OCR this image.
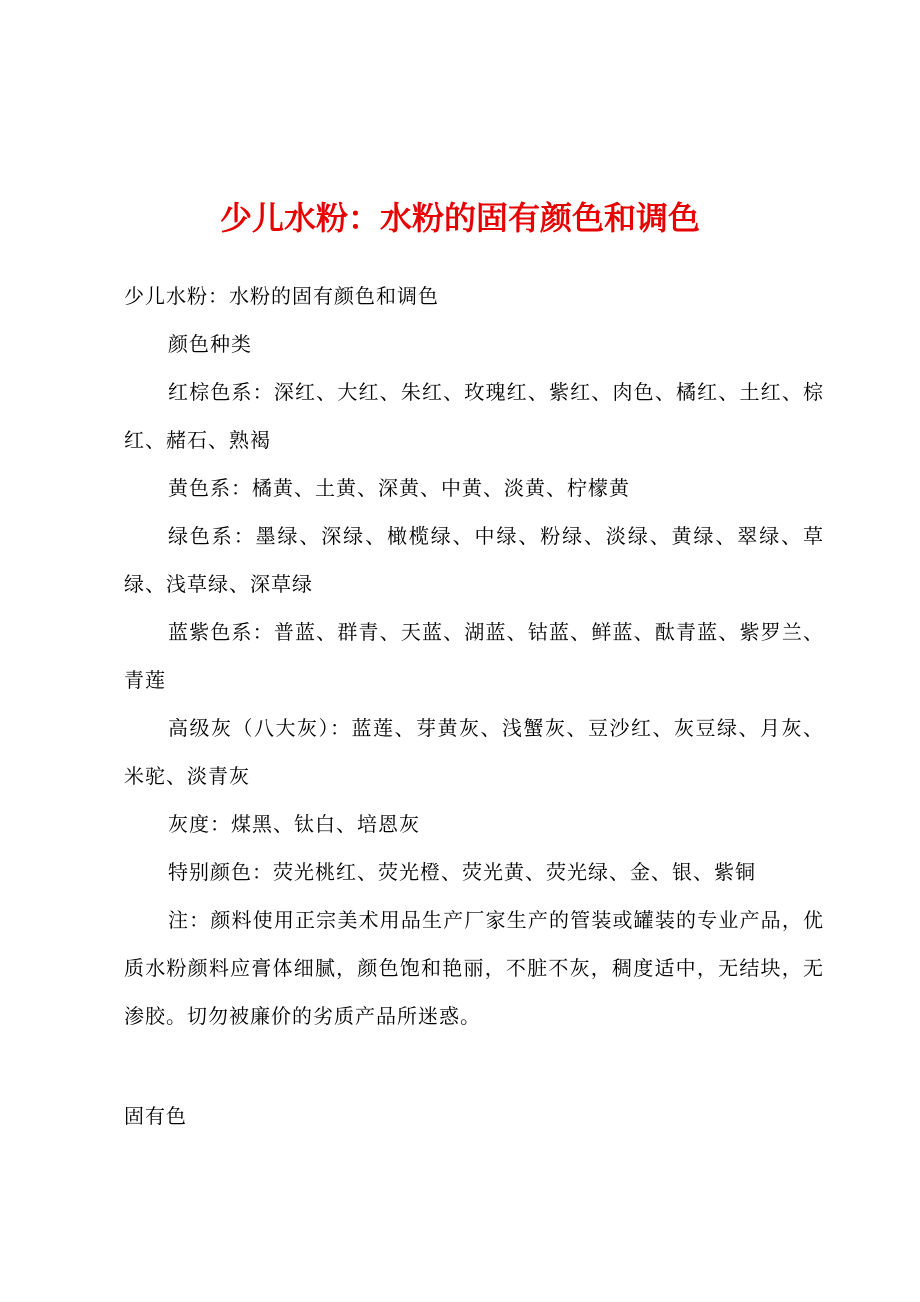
少儿水粉：水粉的固有颜色和调色

少儿水粉：水粉的固有颜色和调色

颜色种类

红棕色系：深红、大红、朱红、玫瑰红、紫红、肉色、橘红、土红、棕红、赭石、熟褐

黄色系：橘黄、土黄、深黄、中黄、淡黄、柠檬黄

绿色系：墨绿、深绿、橄榄绿、中绿、粉绿、淡绿、黄绿、翠绿、草绿、浅草绿、深草绿

蓝紫色系：普蓝、群青、天蓝、湖蓝、钴蓝、鲜蓝、酞青蓝、紫罗兰、青莲

高级灰（八大灰）：蓝莲、芽黄灰、浅蟹灰、豆沙红、灰豆绿、月灰、米驼、淡青灰

灰度：煤黑、钛白、培恩灰

特别颜色：荧光桃红、荧光橙、荧光黄、荧光绿、金、银、紫铜

注：颜料使用正宗美术用品生产厂家生产的管装或罐装的专业产品，优质水粉颜料应膏体细腻，颜色饱和艳丽，不脏不灰，稠度适中，无结块，无渗胶。切勿被廉价的劣质产品所迷惑。

固有色
